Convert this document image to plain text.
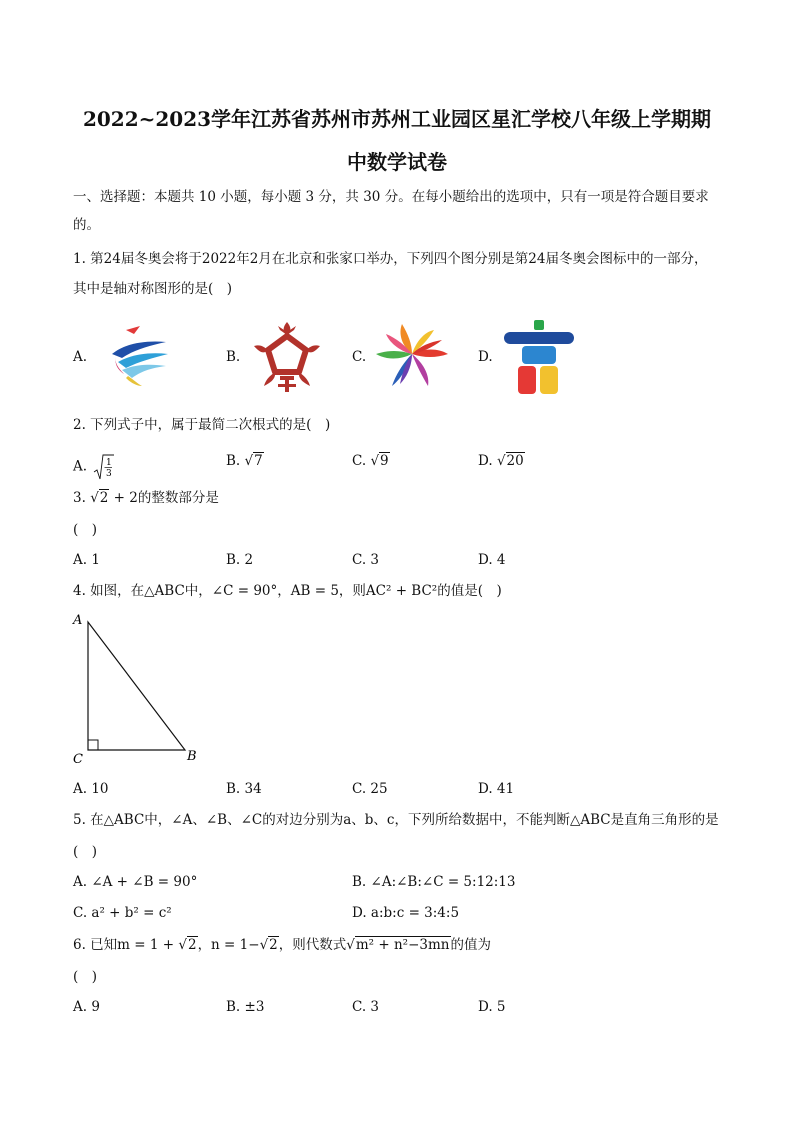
2022~2023学年江苏省苏州市苏州工业园区星汇学校八年级上学期期
中数学试卷
一、选择题：本题共 10 小题，每小题 3 分，共 30 分。在每小题给出的选项中，只有一项是符合题目要求
的。
1. 第24届冬奥会将于2022年2月在北京和张家口举办，下列四个图分别是第24届冬奥会图标中的一部分，
其中是轴对称图形的是(　)
A.	B.	C.	D.
2. 下列式子中，属于最简二次根式的是(　)
A. 1
3
B. √7	C. √9	D. √20
3. √2 + 2的整数部分是
(　)
A. 1	B. 2	C. 3	D. 4
4. 如图，在△ABC中，∠C = 90°，AB = 5，则AC² + BC²的值是(　)
A
C	B
A. 10	B. 34	C. 25	D. 41
5. 在△ABC中，∠A、∠B、∠C的对边分别为a、b、c，下列所给数据中，不能判断△ABC是直角三角形的是
(　)
A. ∠A + ∠B = 90°	B. ∠A:∠B:∠C = 5:12:13
C. a² + b² = c²	D. a:b:c = 3:4:5
6. 已知m = 1 + √2，n = 1−√2，则代数式√m² + n²−3mn的值为
(　)
A. 9	B. ±3	C. 3	D. 5
